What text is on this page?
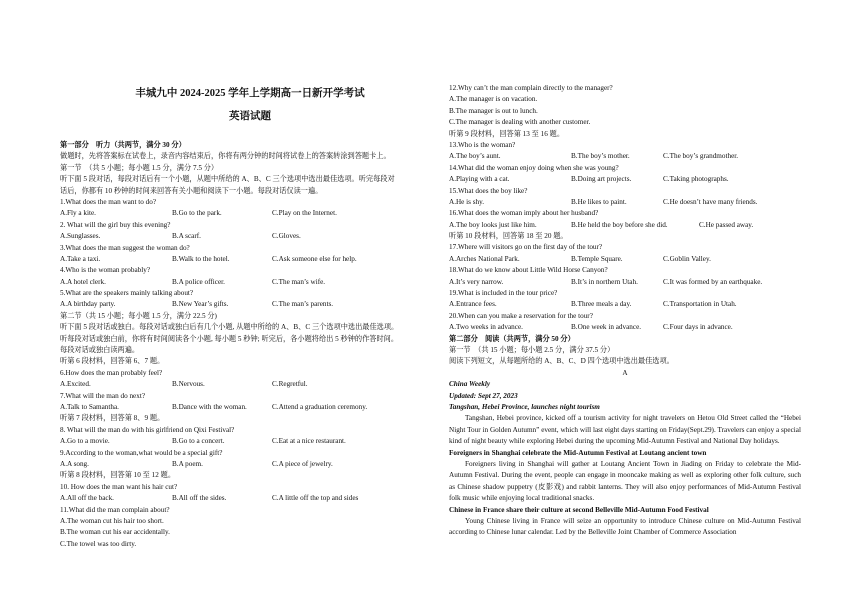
丰城九中 2024-2025 学年上学期高一日新开学考试
英语试题
第一部分　听力（共两节，满分 30 分）
做题时，先将答案标在试卷上，录音内容结束后，你将有两分钟的时间将试卷上的答案转涂到答题卡上。
第一节　（共 5 小题；每小题 1.5 分，满分 7.5 分）
听下面 5 段对话，每段对话后有一个小题，从题中所给的 A、B、C 三个选项中选出最佳选项。听完每段对
话后，你都有 10 秒钟的时间来回答有关小题和阅读下一小题。每段对话仅读一遍。
1.What does the man want to do?
A.Fly a kite.	B.Go to the park.	C.Play on the Internet.
2. What will the girl buy this evening?
A.Sunglasses.	B.A scarf.	C.Gloves.
3.What does the man suggest the woman do?
A.Take a taxi.	B.Walk to the hotel.	C.Ask someone else for help.
4.Who is the woman probably?
A.A hotel clerk.	B.A police officer.	C.The man’s wife.
5.What are the speakers mainly talking about?
A.A birthday party.	B.New Year’s gifts.	C.The man’s parents.
第二节（共 15 小题；每小题 1.5 分，满分 22.5 分)
听下面 5 段对话或独白。每段对话或独白后有几个小题, 从题中所给的 A、B、C 三个选项中选出最佳选项。
听每段对话或独白前，你将有时间阅读各个小题, 每小题 5 秒钟; 听完后，各小题将给出 5 秒钟的作答时间。
每段对话或独白读两遍。
听第 6 段材料，回答第 6、7 题。
6.How does the man probably feel?
A.Excited.	B.Nervous.	C.Regretful.
7.What will the man do next?
A.Talk to Samantha.	B.Dance with the woman.	C.Attend a graduation ceremony.
听第 7 段材料，回答第 8、9 题。
8. What will the man do with his girlfriend on Qixi Festival?
A.Go to a movie.	B.Go to a concert.	C.Eat at a nice restaurant.
9.According to the woman,what would be a special gift?
A.A song.	B.A poem.	C.A piece of jewelry.
听第 8 段材料，回答第 10 至 12 题。
10. How does the man want his hair cut?
A.All off the back.	B.All off the sides.	C.A little off the top and sides
11.What did the man complain about?
A.The woman cut his hair too short.
B.The woman cut his ear accidentally.
C.The towel was too dirty.
12.Why can’t the man complain directly to the manager?
A.The manager is on vacation.
B.The manager is out to lunch.
C.The manager is dealing with another customer.
听第 9 段材料，回答第 13 至 16 题。
13.Who is the woman?
A.The boy’s aunt.	B.The boy’s mother.	C.The boy’s grandmother.
14.What did the woman enjoy doing when she was young?
A.Playing with a cat.	B.Doing art projects.	C.Taking photographs.
15.What does the boy like?
A.He is shy.	B.He likes to paint.	C.He doesn’t have many friends.
16.What does the woman imply about her husband?
A.The boy looks just like him.	B.He held the boy before she did.	C.He passed away.
听第 10 段材料，回答第 18 至 20 题。
17.Where will visitors go on the first day of the tour?
A.Arches National Park.	B.Temple Square.	C.Goblin Valley.
18.What do we know about Little Wild Horse Canyon?
A.It’s very narrow.	B.It’s in northern Utah.	C.It was formed by an earthquake.
19.What is included in the tour price?
A.Entrance fees.	B.Three meals a day.	C.Transportation in Utah.
20.When can you make a reservation for the tour?
A.Two weeks in advance.	B.One week in advance.	C.Four days in advance.
第二部分　阅读（共两节，满分 50 分）
第一节　（共 15 小题；每小题 2.5 分，满分 37.5 分）
阅读下列短文，从每题所给的 A、B、C、D 四个选项中选出最佳选项。
A
China Weekly
Updated: Sept 27, 2023
Tangshan, Hebei Province, launches night tourism
Tangshan, Hebei province, kicked off a tourism activity for night travelers on Hetou Old Street called the “Hebei Night Tour in Golden Autumn” event, which will last eight days starting on Friday(Sept.29). Travelers can enjoy a special kind of night beauty while exploring Hebei during the upcoming Mid-Autumn Festival and National Day holidays.
Foreigners in Shanghai celebrate the Mid-Autumn Festival at Loutang ancient town
Foreigners living in Shanghai will gather at Loutang Ancient Town in Jiading on Friday to celebrate the Mid-Autumn Festival. During the event, people can engage in mooncake making as well as exploring other folk culture, such as Chinese shadow puppetry (皮影戏) and rabbit lanterns. They will also enjoy performances of Mid-Autumn Festival folk music while enjoying local traditional snacks.
Chinese in France share their culture at second Belleville Mid-Autumn Food Festival
Young Chinese living in France will seize an opportunity to introduce Chinese culture on Mid-Autumn Festival according to Chinese lunar calendar. Led by the Belleville Joint Chamber of Commerce Association
